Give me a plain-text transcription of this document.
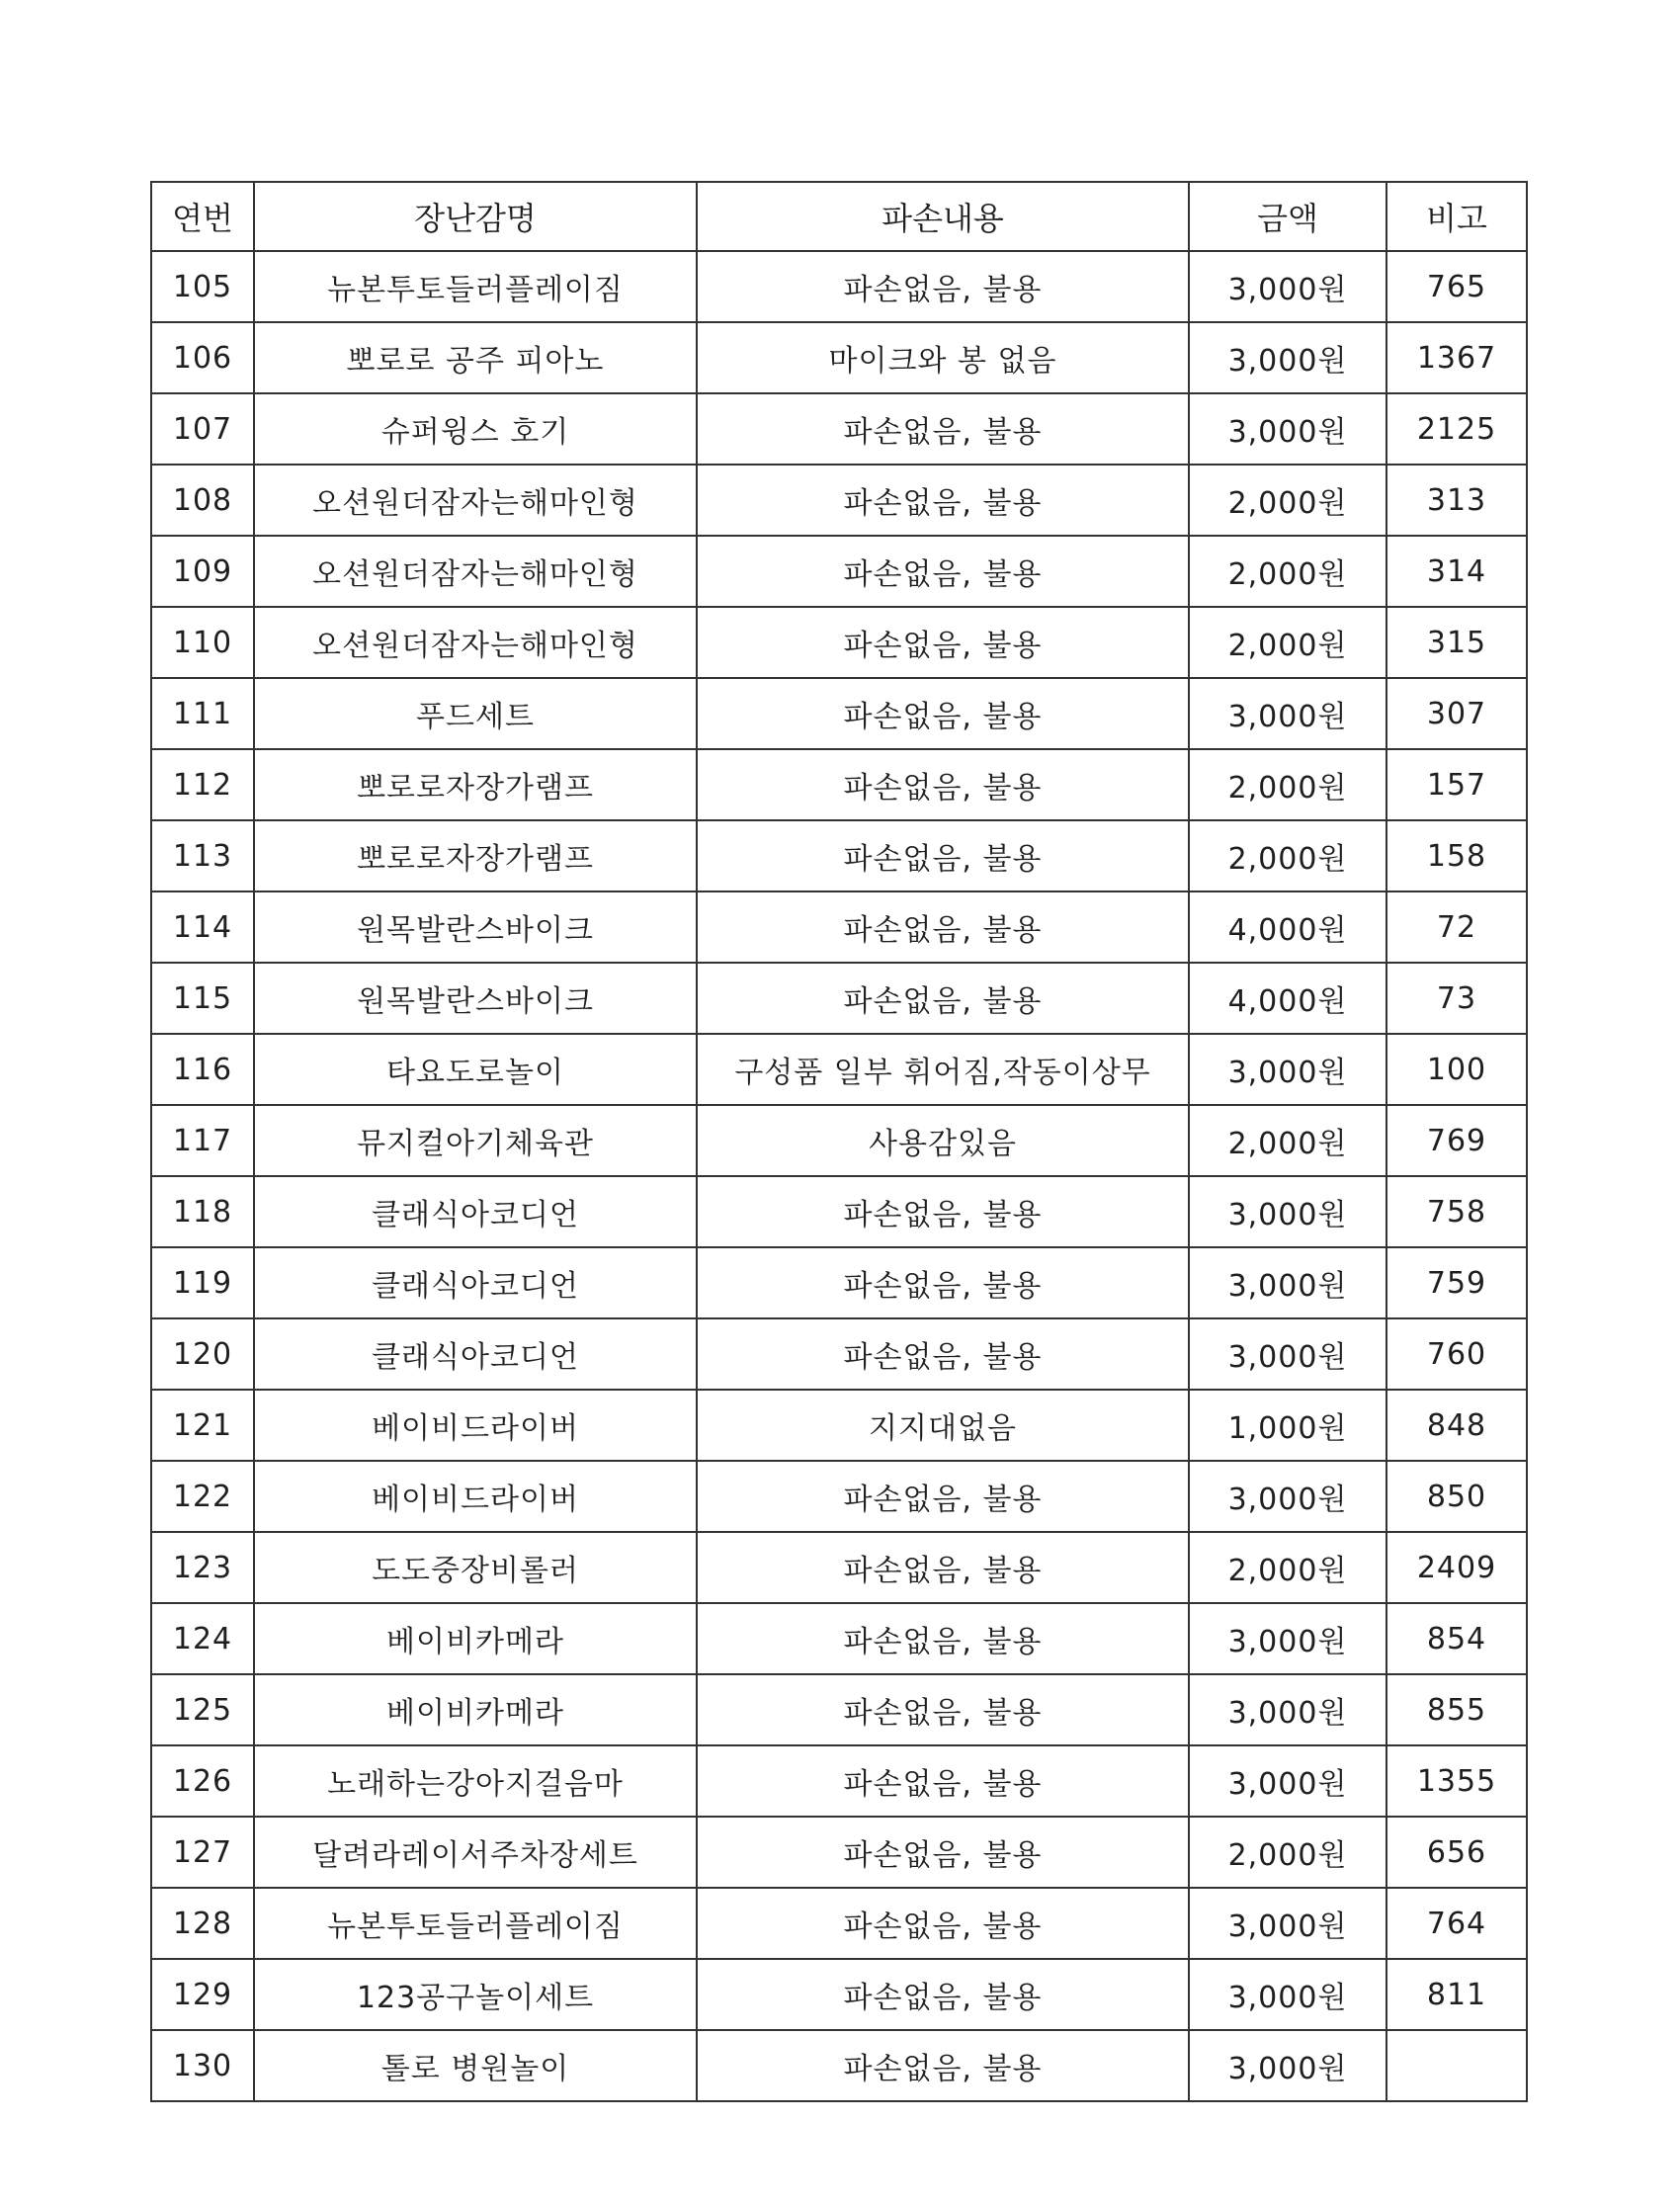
연번	장난감명	파손내용	금액	비고
105	뉴본투토들러플레이짐	파손없음, 불용	3,000원	765
106	뽀로로 공주 피아노	마이크와 봉 없음	3,000원	1367
107	슈퍼윙스 호기	파손없음, 불용	3,000원	2125
108	오션원더잠자는해마인형	파손없음, 불용	2,000원	313
109	오션원더잠자는해마인형	파손없음, 불용	2,000원	314
110	오션원더잠자는해마인형	파손없음, 불용	2,000원	315
111	푸드세트	파손없음, 불용	3,000원	307
112	뽀로로자장가램프	파손없음, 불용	2,000원	157
113	뽀로로자장가램프	파손없음, 불용	2,000원	158
114	원목발란스바이크	파손없음, 불용	4,000원	72
115	원목발란스바이크	파손없음, 불용	4,000원	73
116	타요도로놀이	구성품 일부 휘어짐,작동이상무	3,000원	100
117	뮤지컬아기체육관	사용감있음	2,000원	769
118	클래식아코디언	파손없음, 불용	3,000원	758
119	클래식아코디언	파손없음, 불용	3,000원	759
120	클래식아코디언	파손없음, 불용	3,000원	760
121	베이비드라이버	지지대없음	1,000원	848
122	베이비드라이버	파손없음, 불용	3,000원	850
123	도도중장비롤러	파손없음, 불용	2,000원	2409
124	베이비카메라	파손없음, 불용	3,000원	854
125	베이비카메라	파손없음, 불용	3,000원	855
126	노래하는강아지걸음마	파손없음, 불용	3,000원	1355
127	달려라레이서주차장세트	파손없음, 불용	2,000원	656
128	뉴본투토들러플레이짐	파손없음, 불용	3,000원	764
129	123공구놀이세트	파손없음, 불용	3,000원	811
130	톨로 병원놀이	파손없음, 불용	3,000원	
